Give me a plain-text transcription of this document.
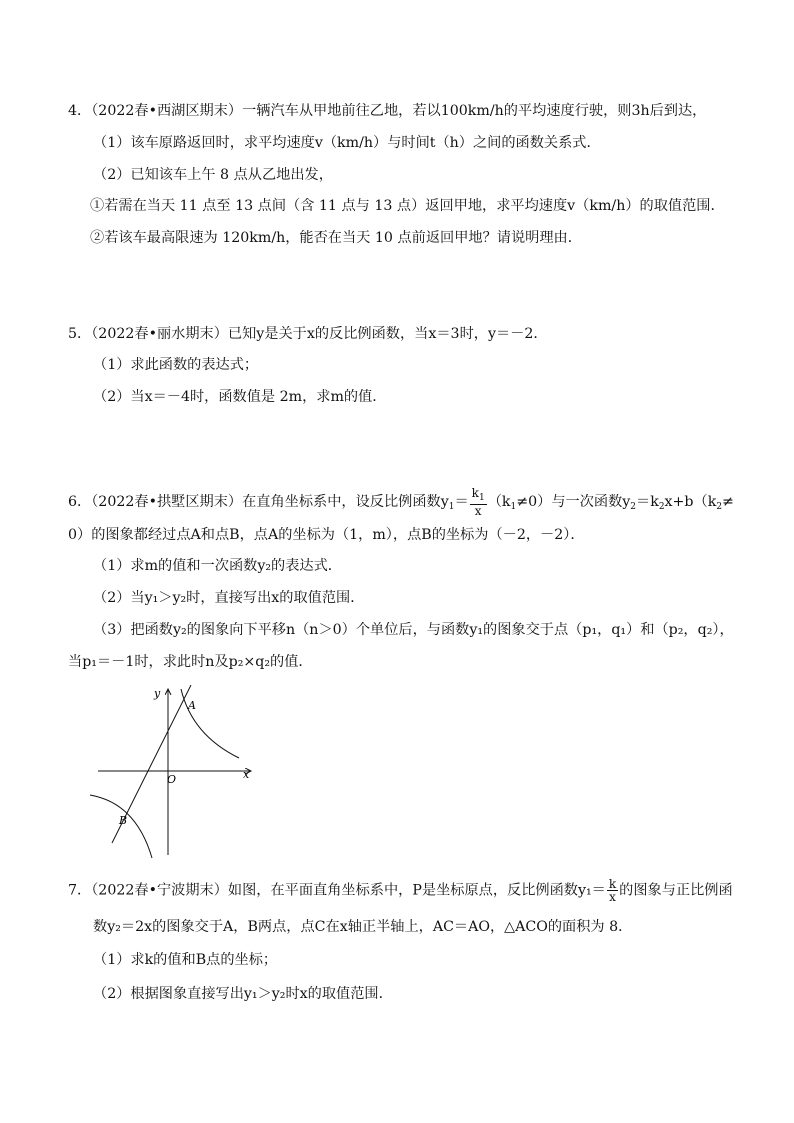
4．（2022春•西湖区期末）一辆汽车从甲地前往乙地，若以100km/h的平均速度行驶，则3h后到达，
（1）该车原路返回时，求平均速度v（km/h）与时间t（h）之间的函数关系式．
（2）已知该车上午 8 点从乙地出发，
①若需在当天 11 点至 13 点间（含 11 点与 13 点）返回甲地，求平均速度v（km/h）的取值范围．
②若该车最高限速为 120km/h，能否在当天 10 点前返回甲地？请说明理由．
5．（2022春•丽水期末）已知y是关于x的反比例函数，当x＝3时，y＝－2．
（1）求此函数的表达式；
（2）当x＝－4时，函数值是 2m，求m的值．
6．（2022春•拱墅区期末）在直角坐标系中，设反比例函数$y_1= \frac{k_1}{x} (k_1\ne 0)$与一次函数$y_2=k_2x+b(k_2\ne$
0）的图象都经过点A和点B，点A的坐标为（1，m），点B的坐标为（－2，－2）．
（1）求m的值和一次函数y₂的表达式．
（2）当y₁＞y₂时，直接写出x的取值范围．
（3）把函数y₂的图象向下平移n（n＞0）个单位后，与函数y₁的图象交于点（p₁，q₁）和（p₂，q₂），
当p₁＝－1时，求此时n及p₂×q₂的值．
y
x
O
A
B
7．（2022春•宁波期末）如图，在平面直角坐标系中，P是坐标原点，反比例函数$y_1= \frac{k}{x}$ 的图象与正比例函
数y₂＝2x的图象交于A，B两点，点C在x轴正半轴上，AC＝AO，△ACO的面积为 8．
（1）求k的值和B点的坐标；
（2）根据图象直接写出y₁＞y₂时x的取值范围．
